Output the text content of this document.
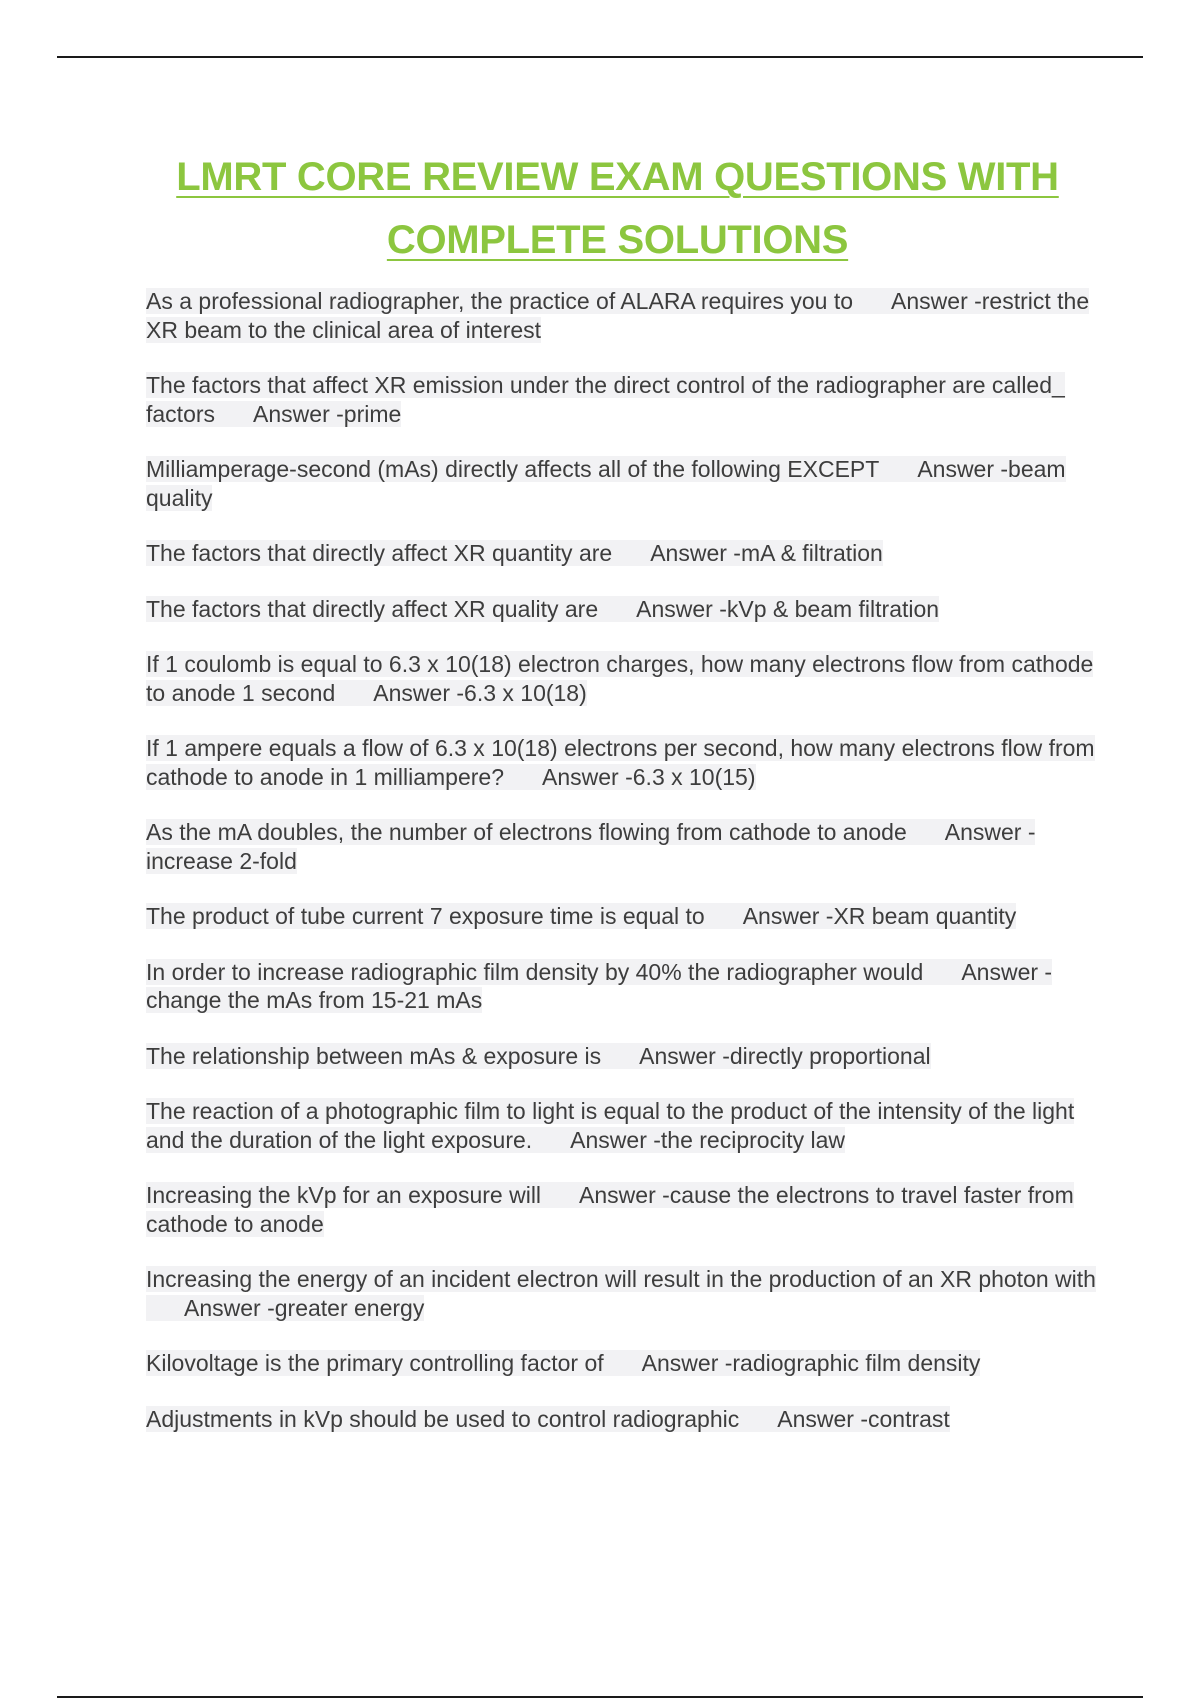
LMRT CORE REVIEW EXAM QUESTIONS WITH COMPLETE SOLUTIONS
As a professional radiographer, the practice of ALARA requires you to Answer -restrict the XR beam to the clinical area of interest
The factors that affect XR emission under the direct control of the radiographer are called_ factors Answer -prime
Milliamperage-second (mAs) directly affects all of the following EXCEPT Answer -beam quality
The factors that directly affect XR quantity are Answer -mA & filtration
The factors that directly affect XR quality are Answer -kVp & beam filtration
If 1 coulomb is equal to 6.3 x 10(18) electron charges, how many electrons flow from cathode to anode 1 second Answer -6.3 x 10(18)
If 1 ampere equals a flow of 6.3 x 10(18) electrons per second, how many electrons flow from cathode to anode in 1 milliampere? Answer -6.3 x 10(15)
As the mA doubles, the number of electrons flowing from cathode to anode Answer -increase 2-fold
The product of tube current 7 exposure time is equal to Answer -XR beam quantity
In order to increase radiographic film density by 40% the radiographer would Answer -change the mAs from 15-21 mAs
The relationship between mAs & exposure is Answer -directly proportional
The reaction of a photographic film to light is equal to the product of the intensity of the light and the duration of the light exposure. Answer -the reciprocity law
Increasing the kVp for an exposure will Answer -cause the electrons to travel faster from cathode to anode
Increasing the energy of an incident electron will result in the production of an XR photon withAnswer -greater energy
Kilovoltage is the primary controlling factor of Answer -radiographic film density
Adjustments in kVp should be used to control radiographic Answer -contrast
